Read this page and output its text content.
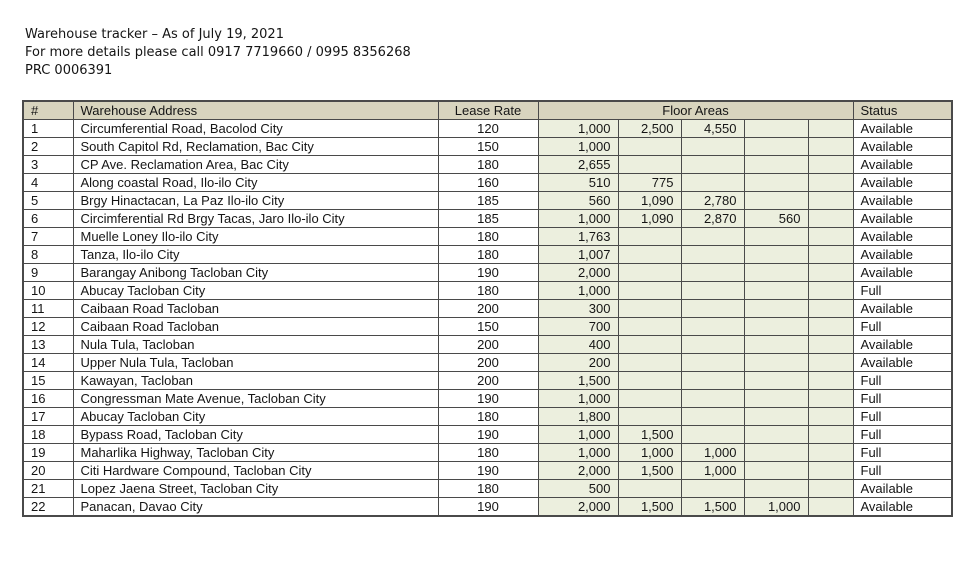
Warehouse tracker – As of July 19, 2021
For more details please call 0917 7719660 / 0995 8356268
PRC 0006391
#	Warehouse Address	Lease Rate	Floor Areas					Status
1	Circumferential Road, Bacolod City	120	1,000	2,500	4,550			Available
2	South Capitol Rd, Reclamation, Bac City	150	1,000					Available
3	CP Ave. Reclamation Area, Bac City	180	2,655					Available
4	Along coastal Road, Ilo-ilo City	160	510	775				Available
5	Brgy Hinactacan, La Paz Ilo-ilo City	185	560	1,090	2,780			Available
6	Circimferential Rd Brgy Tacas, Jaro Ilo-ilo City	185	1,000	1,090	2,870	560		Available
7	Muelle Loney Ilo-ilo City	180	1,763					Available
8	Tanza, Ilo-ilo City	180	1,007					Available
9	Barangay Anibong Tacloban City	190	2,000					Available
10	Abucay Tacloban City	180	1,000					Full
11	Caibaan Road Tacloban	200	300					Available
12	Caibaan Road Tacloban	150	700					Full
13	Nula Tula, Tacloban	200	400					Available
14	Upper Nula Tula, Tacloban	200	200					Available
15	Kawayan, Tacloban	200	1,500					Full
16	Congressman Mate Avenue, Tacloban City	190	1,000					Full
17	Abucay Tacloban City	180	1,800					Full
18	Bypass Road, Tacloban City	190	1,000	1,500				Full
19	Maharlika Highway, Tacloban City	180	1,000	1,000	1,000			Full
20	Citi Hardware Compound, Tacloban City	190	2,000	1,500	1,000			Full
21	Lopez Jaena Street, Tacloban City	180	500					Available
22	Panacan, Davao City	190	2,000	1,500	1,500	1,000		Available
